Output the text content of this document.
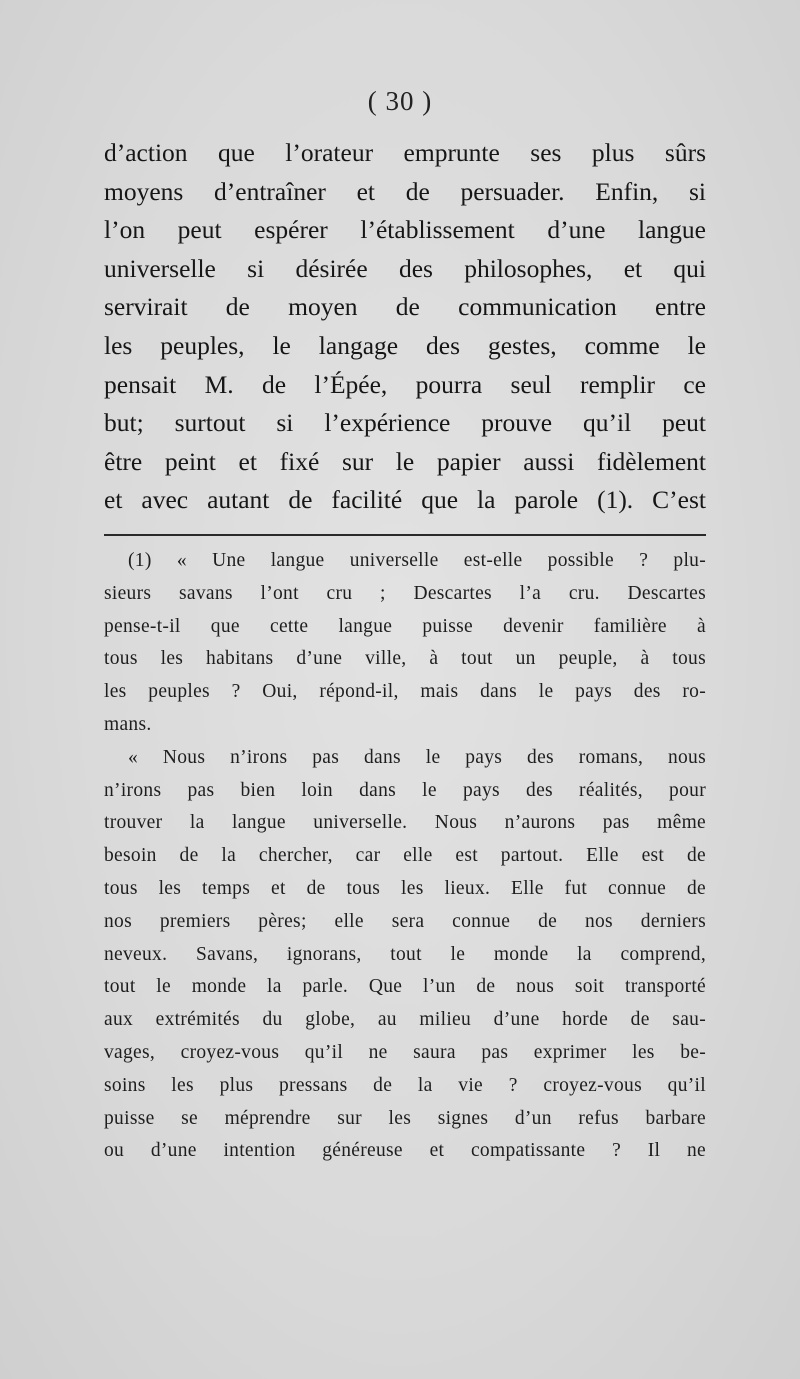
( 30 )
d’action que l’orateur emprunte ses plus sûrs
moyens d’entraîner et de persuader. Enfin, si
l’on peut espérer l’établissement d’une langue
universelle si désirée des philosophes, et qui
servirait de moyen de communication entre
les peuples, le langage des gestes, comme le
pensait M. de l’Épée, pourra seul remplir ce
but; surtout si l’expérience prouve qu’il peut
être peint et fixé sur le papier aussi fidèlement
et avec autant de facilité que la parole (1). C’est
(1) « Une langue universelle est-elle possible ? plu-
sieurs savans l’ont cru ; Descartes l’a cru. Descartes
pense-t-il que cette langue puisse devenir familière à
tous les habitans d’une ville, à tout un peuple, à tous
les peuples ? Oui, répond-il, mais dans le pays des ro-
mans.
« Nous n’irons pas dans le pays des romans, nous
n’irons pas bien loin dans le pays des réalités, pour
trouver la langue universelle. Nous n’aurons pas même
besoin de la chercher, car elle est partout. Elle est de
tous les temps et de tous les lieux. Elle fut connue de
nos premiers pères; elle sera connue de nos derniers
neveux. Savans, ignorans, tout le monde la comprend,
tout le monde la parle. Que l’un de nous soit transporté
aux extrémités du globe, au milieu d’une horde de sau-
vages, croyez-vous qu’il ne saura pas exprimer les be-
soins les plus pressans de la vie ? croyez-vous qu’il
puisse se méprendre sur les signes d’un refus barbare
ou d’une intention généreuse et compatissante ? Il ne
